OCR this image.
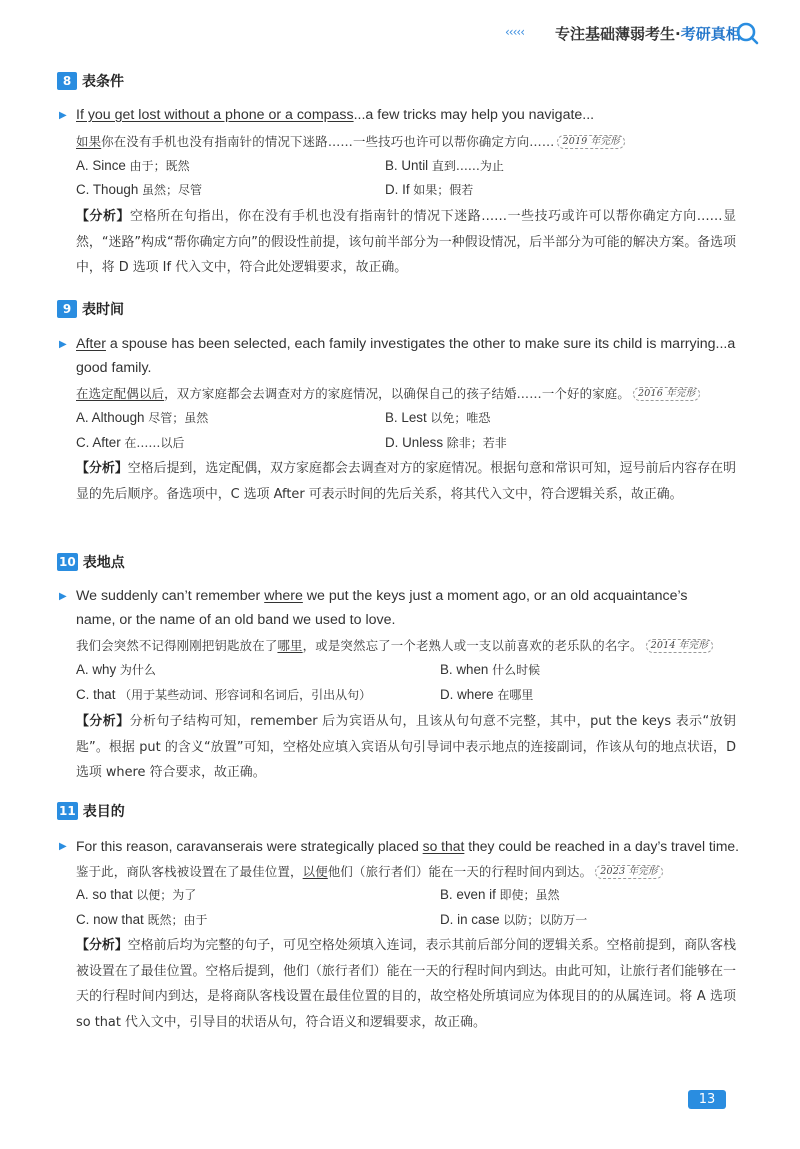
‹‹‹‹‹ 专注基础薄弱考生·考研真相
8 表条件
▶ If you get lost without a phone or a compass...a few tricks may help you navigate...
如果你在没有手机也没有指南针的情况下迷路……一些技巧也许可以帮你确定方向…… 2019 年完形
A. Since 由于；既然	B. Until 直到……为止
C. Though 虽然；尽管	D. If 如果；假若
【分析】空格所在句指出，你在没有手机也没有指南针的情况下迷路……一些技巧或许可以帮你确定方向……显然，“迷路”构成“帮你确定方向”的假设性前提，该句前半部分为一种假设情况，后半部分为可能的解决方案。备选项中，将 D 选项 If 代入文中，符合此处逻辑要求，故正确。
9 表时间
▶ After a spouse has been selected, each family investigates the other to make sure its child is marrying...a
good family.
在选定配偶以后，双方家庭都会去调查对方的家庭情况，以确保自己的孩子结婚……一个好的家庭。 2016 年完形
A. Although 尽管；虽然	B. Lest 以免；唯恐
C. After 在……以后	D. Unless 除非；若非
【分析】空格后提到，选定配偶，双方家庭都会去调查对方的家庭情况。根据句意和常识可知，逗号前后内容存在明显的先后顺序。备选项中，C 选项 After 可表示时间的先后关系，将其代入文中，符合逻辑关系，故正确。
10 表地点
▶ We suddenly can’t remember where we put the keys just a moment ago, or an old acquaintance’s
name, or the name of an old band we used to love.
我们会突然不记得刚刚把钥匙放在了哪里，或是突然忘了一个老熟人或一支以前喜欢的老乐队的名字。 2014 年完形
A. why 为什么	B. when 什么时候
C. that （用于某些动词、形容词和名词后，引出从句）	D. where 在哪里
【分析】分析句子结构可知，remember 后为宾语从句，且该从句句意不完整，其中，put the keys 表示“放钥匙”。根据 put 的含义“放置”可知，空格处应填入宾语从句引导词中表示地点的连接副词，作该从句的地点状语，D 选项 where 符合要求，故正确。
11 表目的
▶ For this reason, caravanserais were strategically placed so that they could be reached in a day’s travel time.
鉴于此，商队客栈被设置在了最佳位置，以便他们（旅行者们）能在一天的行程时间内到达。 2023 年完形
A. so that 以便；为了	B. even if 即使；虽然
C. now that 既然；由于	D. in case 以防；以防万一
【分析】空格前后均为完整的句子，可见空格处须填入连词，表示其前后部分间的逻辑关系。空格前提到，商队客栈被设置在了最佳位置。空格后提到，他们（旅行者们）能在一天的行程时间内到达。由此可知，让旅行者们能够在一天的行程时间内到达，是将商队客栈设置在最佳位置的目的，故空格处所填词应为体现目的的从属连词。将 A 选项 so that 代入文中，引导目的状语从句，符合语义和逻辑要求，故正确。
13
